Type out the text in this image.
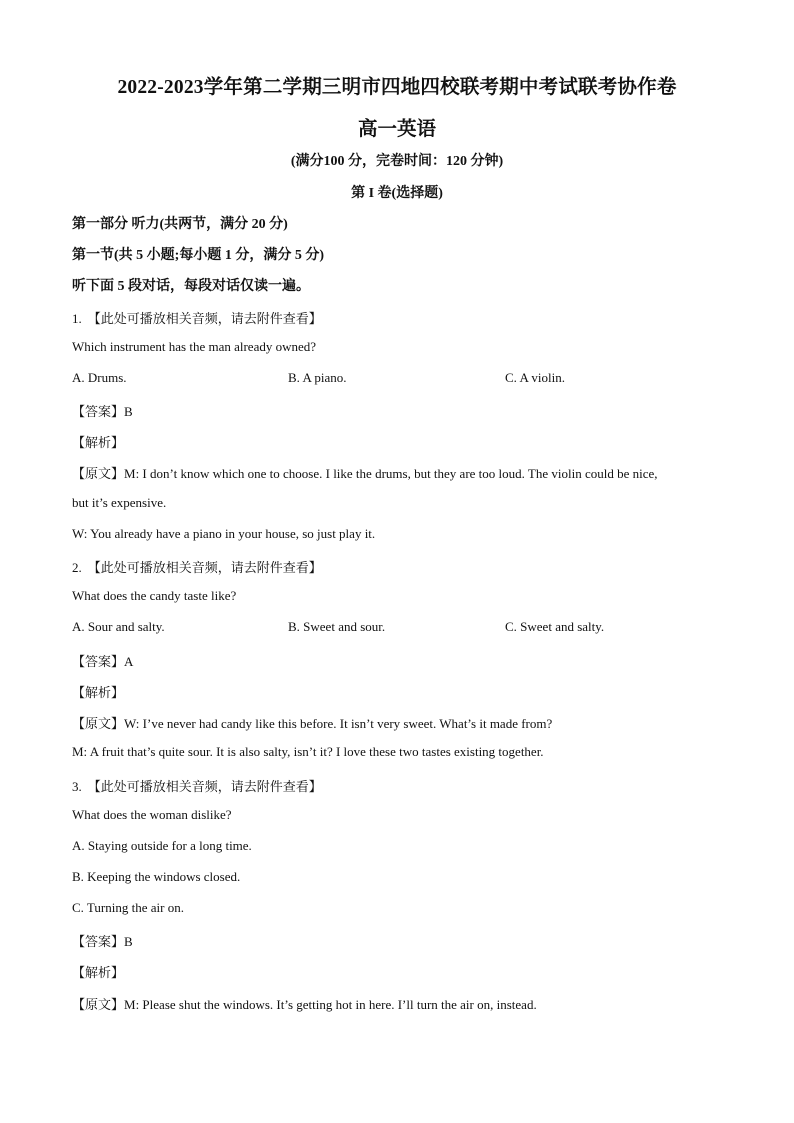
2022-2023学年第二学期三明市四地四校联考期中考试联考协作卷
高一英语
(满分100 分，完卷时间：120 分钟)
第 I 卷(选择题)
第一部分 听力(共两节，满分 20 分)
第一节(共 5 小题;每小题 1 分，满分 5 分)
听下面 5 段对话，每段对话仅读一遍。
1. 【此处可播放相关音频，请去附件查看】
Which instrument has the man already owned?
A. Drums.	B. A piano.	C. A violin.
【答案】B
【解析】
【原文】M: I don’t know which one to choose. I like the drums, but they are too loud. The violin could be nice,
but it’s expensive.
W: You already have a piano in your house, so just play it.
2. 【此处可播放相关音频，请去附件查看】
What does the candy taste like?
A. Sour and salty.	B. Sweet and sour.	C. Sweet and salty.
【答案】A
【解析】
【原文】W: I’ve never had candy like this before. It isn’t very sweet. What’s it made from?
M: A fruit that’s quite sour. It is also salty, isn’t it? I love these two tastes existing together.
3. 【此处可播放相关音频，请去附件查看】
What does the woman dislike?
A. Staying outside for a long time.
B. Keeping the windows closed.
C. Turning the air on.
【答案】B
【解析】
【原文】M: Please shut the windows. It’s getting hot in here. I’ll turn the air on, instead.
